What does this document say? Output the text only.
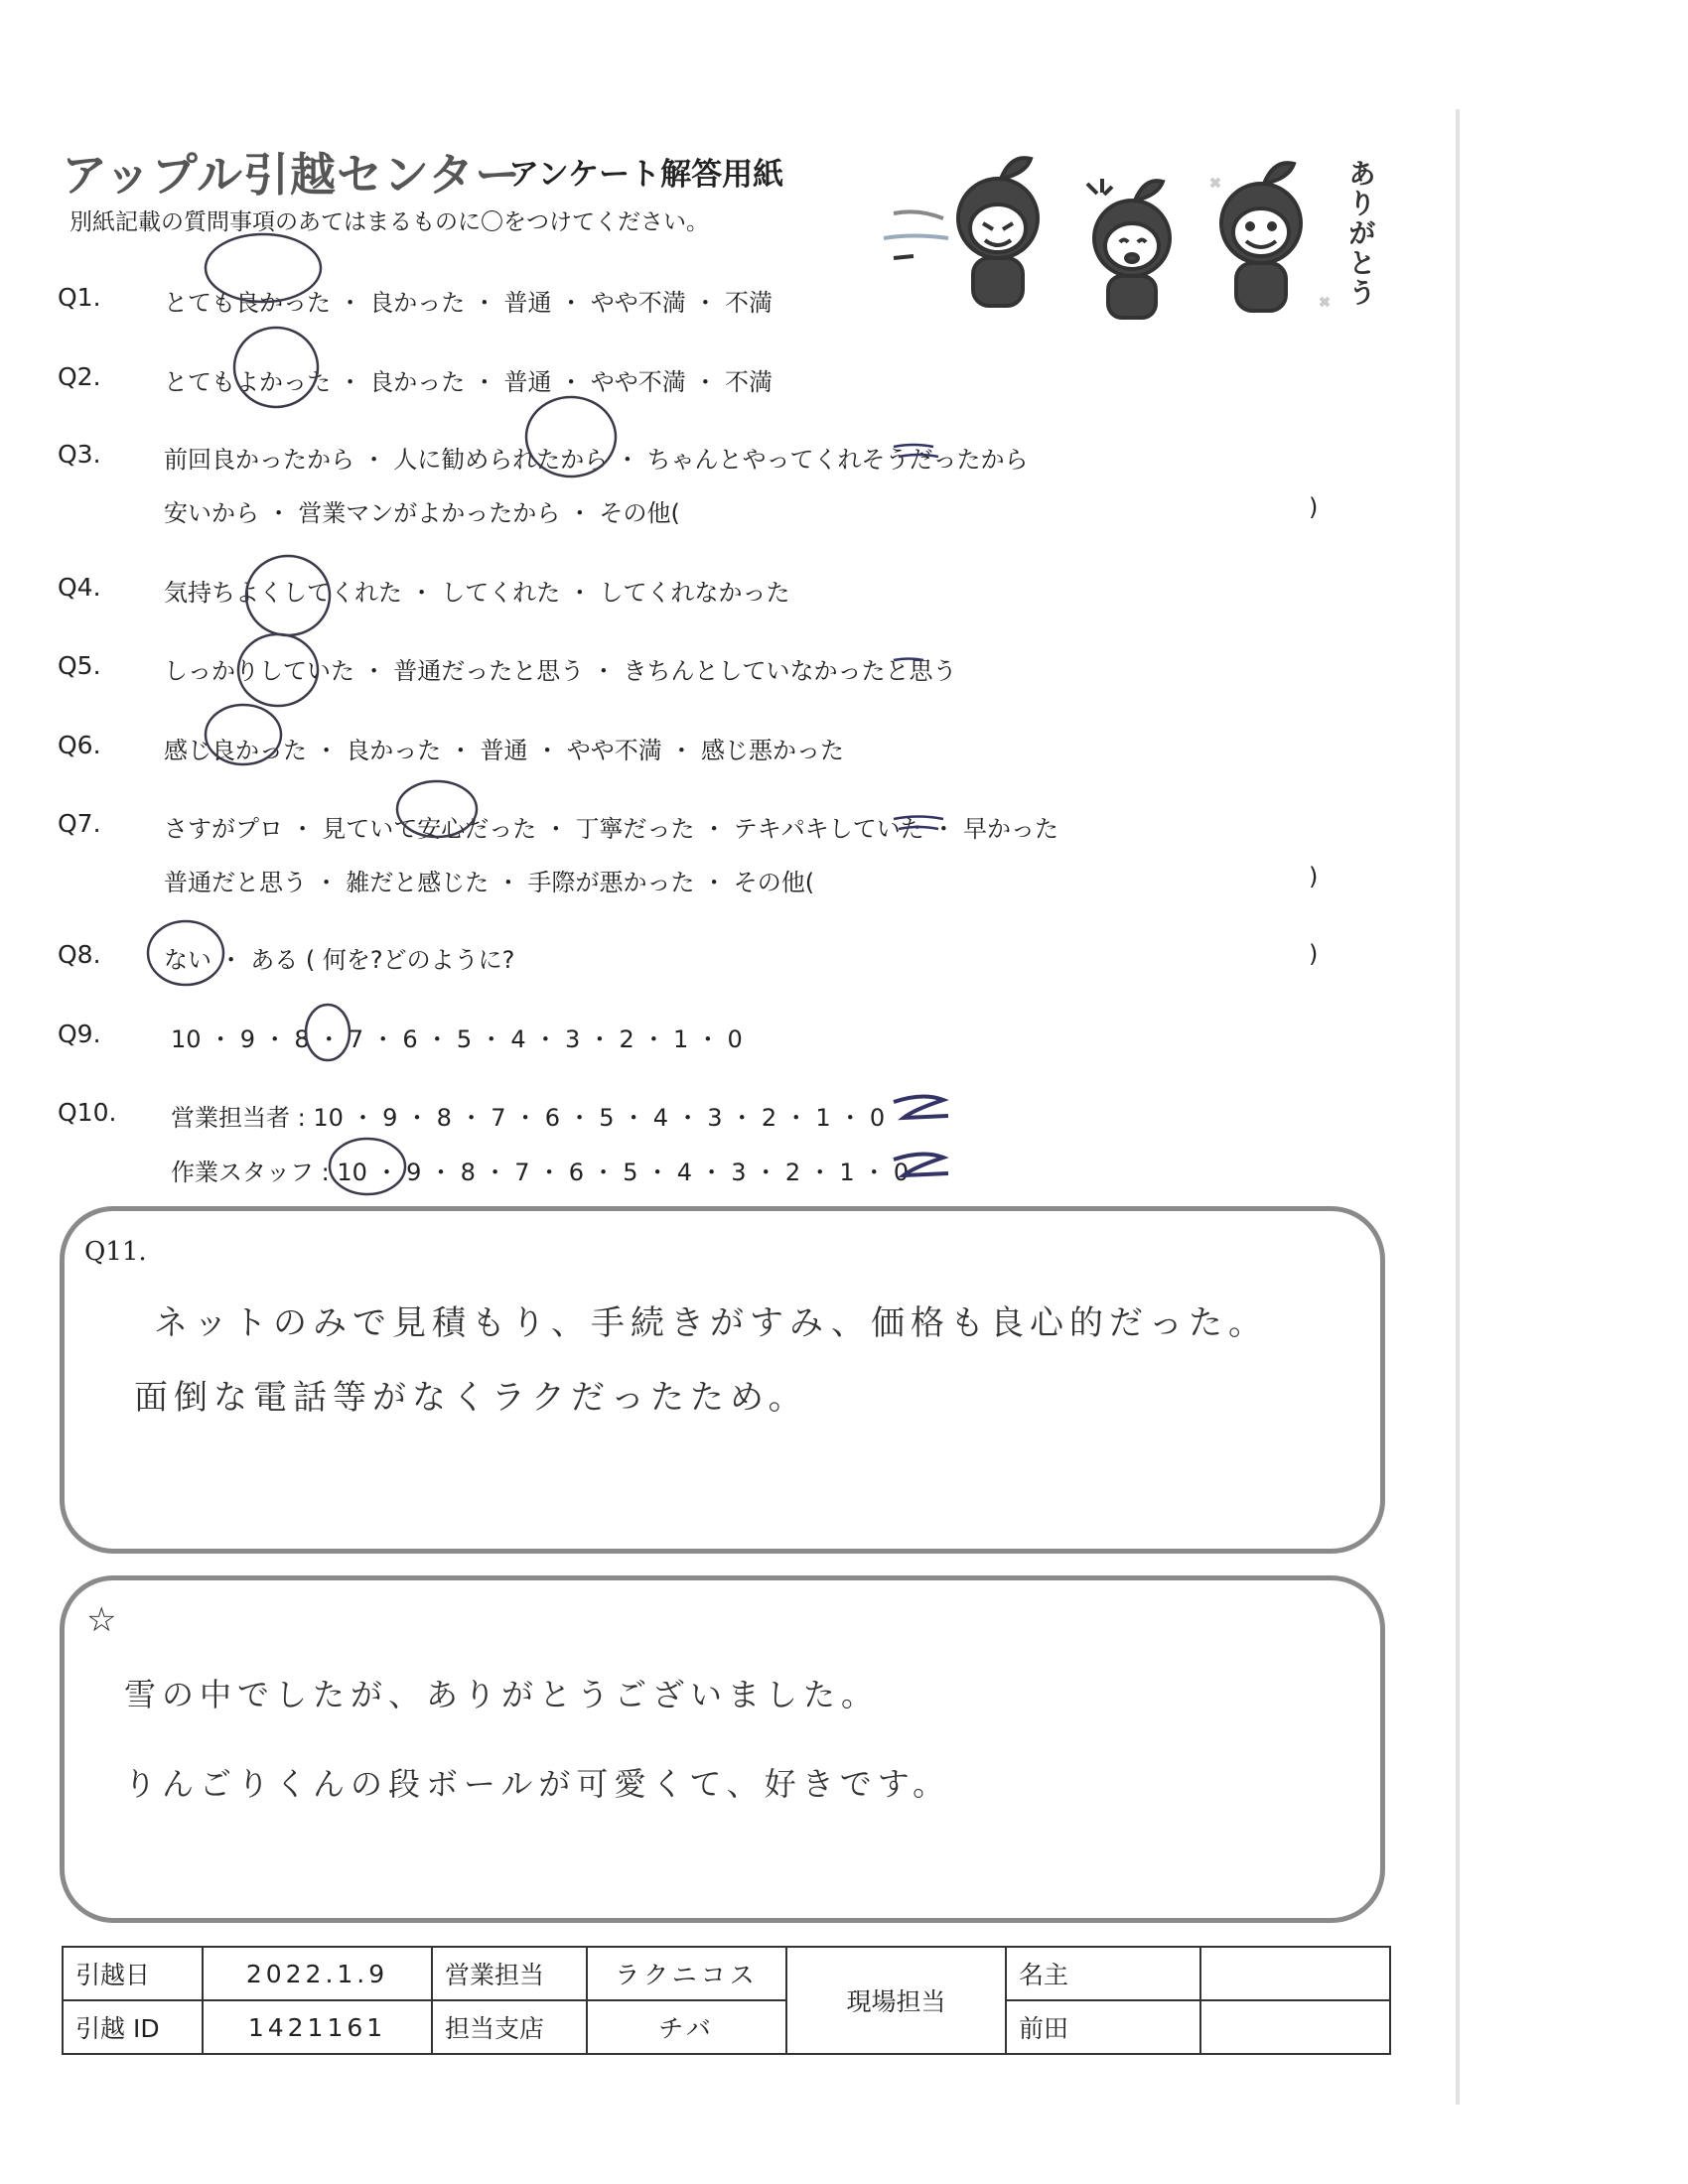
アップル引越センター
アンケート解答用紙
別紙記載の質問事項のあてはまるものに〇をつけてください。	ありがとう
Q1.	とても良かった ・ 良かった ・ 普通 ・ やや不満 ・ 不満
Q2.	とてもよかった ・ 良かった ・ 普通 ・ やや不満 ・ 不満
Q3.	前回良かったから ・ 人に勧められたから ・ ちゃんとやってくれそうだったから
安いから ・ 営業マンがよかったから ・ その他(	)
Q4.	気持ちよくしてくれた ・ してくれた ・ してくれなかった
Q5.	しっかりしていた ・ 普通だったと思う ・ きちんとしていなかったと思う
Q6.	感じ良かった ・ 良かった ・ 普通 ・ やや不満 ・ 感じ悪かった
Q7.	さすがプロ ・ 見ていて安心だった ・ 丁寧だった ・ テキパキしていた ・ 早かった
普通だと思う ・ 雑だと感じた ・ 手際が悪かった ・ その他(	)
Q8.	ない ・ ある ( 何を?どのように?	)
Q9.	10 ・ 9 ・ 8 ・ 7 ・ 6 ・ 5 ・ 4 ・ 3 ・ 2 ・ 1 ・ 0
Q10. 営業担当者 : 10 ・ 9 ・ 8 ・ 7 ・ 6 ・ 5 ・ 4 ・ 3 ・ 2 ・ 1 ・ 0
作業スタッフ : 10 ・ 9 ・ 8 ・ 7 ・ 6 ・ 5 ・ 4 ・ 3 ・ 2 ・ 1 ・ 0
Q11.
ネットのみで見積もり、手続きがすみ、価格も良心的だった。
面倒な電話等がなくラクだったため。
☆
雪の中でしたが、ありがとうございました。
りんごりくんの段ボールが可愛くて、好きです。
引越日	2022.1.9	営業担当	ラクニコス	現場担当	名主	
引越 ID	1421161	担当支店	チバ		前田	
